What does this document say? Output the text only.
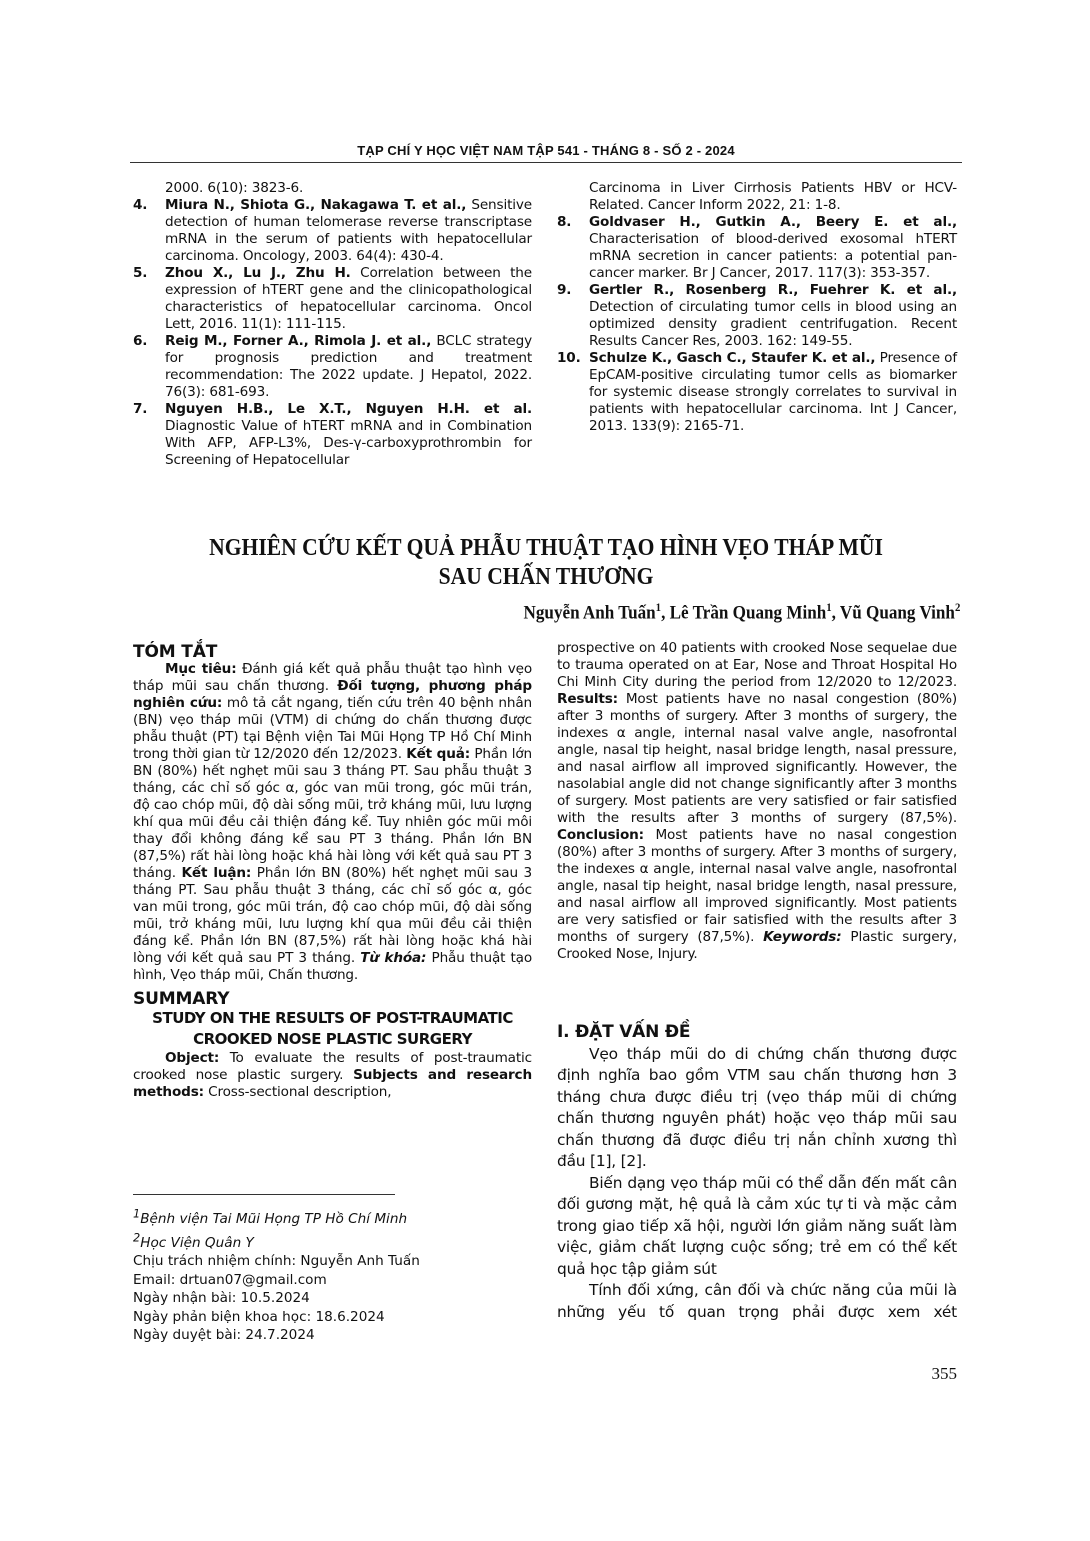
TẠP CHÍ Y HỌC VIỆT NAM TẬP 541 - THÁNG 8 - SỐ 2 - 2024
2000. 6(10): 3823-6.
4. Miura N., Shiota G., Nakagawa T. et al., Sensitive detection of human telomerase reverse transcriptase mRNA in the serum of patients with hepatocellular carcinoma. Oncology, 2003. 64(4): 430-4.
5. Zhou X., Lu J., Zhu H. Correlation between the expression of hTERT gene and the clinicopathological characteristics of hepatocellular carcinoma. Oncol Lett, 2016. 11(1): 111-115.
6. Reig M., Forner A., Rimola J. et al., BCLC strategy for prognosis prediction and treatment recommendation: The 2022 update. J Hepatol, 2022. 76(3): 681-693.
7. Nguyen H.B., Le X.T., Nguyen H.H. et al. Diagnostic Value of hTERT mRNA and in Combination With AFP, AFP-L3%, Des-γ-carboxyprothrombin for Screening of Hepatocellular
Carcinoma in Liver Cirrhosis Patients HBV or HCV-Related. Cancer Inform 2022, 21: 1-8.
8. Goldvaser H., Gutkin A., Beery E. et al., Characterisation of blood-derived exosomal hTERT mRNA secretion in cancer patients: a potential pan-cancer marker. Br J Cancer, 2017. 117(3): 353-357.
9. Gertler R., Rosenberg R., Fuehrer K. et al., Detection of circulating tumor cells in blood using an optimized density gradient centrifugation. Recent Results Cancer Res, 2003. 162: 149-55.
10. Schulze K., Gasch C., Staufer K. et al., Presence of EpCAM-positive circulating tumor cells as biomarker for systemic disease strongly correlates to survival in patients with hepatocellular carcinoma. Int J Cancer, 2013. 133(9): 2165-71.
NGHIÊN CỨU KẾT QUẢ PHẪU THUẬT TẠO HÌNH VẸO THÁP MŨI
SAU CHẤN THƯƠNG
Nguyễn Anh Tuấn$^1$, Lê Trần Quang Minh$^1$, Vũ Quang Vinh$^2$
TÓM TẮT

Mục tiêu: Đánh giá kết quả phẫu thuật tạo hình vẹo tháp mũi sau chấn thương. Đối tượng, phương pháp nghiên cứu: mô tả cắt ngang, tiến cứu trên 40 bệnh nhân (BN) vẹo tháp mũi (VTM) di chứng do chấn thương được phẫu thuật (PT) tại Bệnh viện Tai Mũi Họng TP Hồ Chí Minh trong thời gian từ 12/2020 đến 12/2023. Kết quả: Phần lớn BN (80%) hết nghẹt mũi sau 3 tháng PT. Sau phẫu thuật 3 tháng, các chỉ số góc α, góc van mũi trong, góc mũi trán, độ cao chóp mũi, độ dài sống mũi, trở kháng mũi, lưu lượng khí qua mũi đều cải thiện đáng kể. Tuy nhiên góc mũi môi thay đổi không đáng kể sau PT 3 tháng. Phần lớn BN (87,5%) rất hài lòng hoặc khá hài lòng với kết quả sau PT 3 tháng. Kết luận: Phần lớn BN (80%) hết nghẹt mũi sau 3 tháng PT. Sau phẫu thuật 3 tháng, các chỉ số góc α, góc van mũi trong, góc mũi trán, độ cao chóp mũi, độ dài sống mũi, trở kháng mũi, lưu lượng khí qua mũi đều cải thiện đáng kể. Phần lớn BN (87,5%) rất hài lòng hoặc khá hài lòng với kết quả sau PT 3 tháng. Từ khóa: Phẫu thuật tạo hình, Vẹo tháp mũi, Chấn thương.

SUMMARY
STUDY ON THE RESULTS OF POST-TRAUMATIC
CROOKED NOSE PLASTIC SURGERY

Object: To evaluate the results of post-traumatic crooked nose plastic surgery. Subjects and research methods: Cross-sectional description,

$^1$Bệnh viện Tai Mũi Họng TP Hồ Chí Minh
$^2$Học Viện Quân Y
Chịu trách nhiệm chính: Nguyễn Anh Tuấn
Email: drtuan07@gmail.com
Ngày nhận bài: 10.5.2024
Ngày phản biện khoa học: 18.6.2024
Ngày duyệt bài: 24.7.2024

prospective on 40 patients with crooked Nose sequelae due to trauma operated on at Ear, Nose and Throat Hospital Ho Chi Minh City during the period from 12/2020 to 12/2023. Results: Most patients have no nasal congestion (80%) after 3 months of surgery. After 3 months of surgery, the indexes α angle, internal nasal valve angle, nasofrontal angle, nasal tip height, nasal bridge length, nasal pressure, and nasal airflow all improved significantly. However, the nasolabial angle did not change significantly after 3 months of surgery. Most patients are very satisfied or fair satisfied with the results after 3 months of surgery (87,5%). Conclusion: Most patients have no nasal congestion (80%) after 3 months of surgery. After 3 months of surgery, the indexes α angle, internal nasal valve angle, nasofrontal angle, nasal tip height, nasal bridge length, nasal pressure, and nasal airflow all improved significantly. Most patients are very satisfied or fair satisfied with the results after 3 months of surgery (87,5%). Keywords: Plastic surgery, Crooked Nose, Injury.

I. ĐẶT VẤN ĐỀ

Vẹo tháp mũi do di chứng chấn thương được định nghĩa bao gồm VTM sau chấn thương hơn 3 tháng chưa được điều trị (vẹo tháp mũi di chứng chấn thương nguyên phát) hoặc vẹo tháp mũi sau chấn thương đã được điều trị nắn chỉnh xương thì đầu [1], [2].

Biến dạng vẹo tháp mũi có thể dẫn đến mất cân đối gương mặt, hệ quả là cảm xúc tự ti và mặc cảm trong giao tiếp xã hội, người lớn giảm năng suất làm việc, giảm chất lượng cuộc sống; trẻ em có thể kết quả học tập giảm sút

Tính đối xứng, cân đối và chức năng của mũi là những yếu tố quan trọng phải được xem xét

355
